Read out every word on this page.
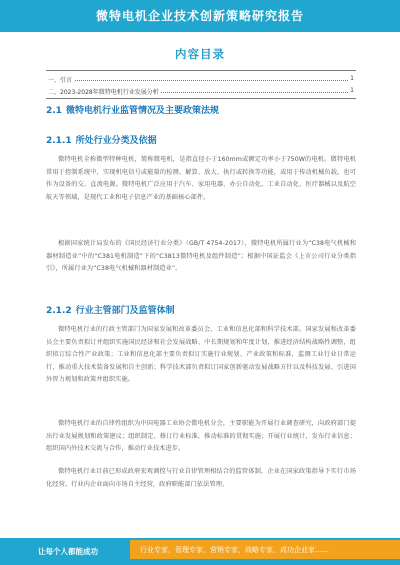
微特电机企业技术创新策略研究报告
内容目录
一、引言	1
二、2023-2028年微特电机行业发展分析	1
2.1 微特电机行业监管情况及主要政策法规
2.1.1 所处行业分类及依据
微特电机全称微型特种电机，简称微电机，是指直径小于160mm或额定功率小于750W的电机。微特电机常用于控制系统中，实现机电信号或能量的检测、解算、放大、执行或转换等功能，或用于传动机械负载，也可作为设备的交、直流电源。微特电机广泛应用于汽车、家用电器、办公自动化、工业自动化、医疗器械以及航空航天等领域，是现代工业和电子信息产业的基础核心部件。
根据国家统计局发布的《国民经济行业分类》（GB/T 4754-2017），微特电机所属行业为“C38电气机械和器材制造业”中的“C381电机制造”下的“C3813微特电机及组件制造”；根据中国证监会《上市公司行业分类指引》，所属行业为“C38电气机械和器材制造业”。
2.1.2 行业主管部门及监管体制
微特电机行业的行政主管部门为国家发展和改革委员会、工业和信息化部和科学技术部。国家发展和改革委员会主要负责拟订并组织实施国民经济和社会发展战略、中长期规划和年度计划，推进经济结构战略性调整，组织拟订综合性产业政策；工业和信息化部主要负责拟订实施行业规划、产业政策和标准，监测工业行业日常运行，推动重大技术装备发展和自主创新；科学技术部负责拟订国家创新驱动发展战略方针以及科技发展、引进国外智力规划和政策并组织实施。
微特电机行业的自律性组织为中国电器工业协会微电机分会，主要职能为开展行业调查研究，向政府部门提出行业发展规划和政策建议；组织制定、修订行业标准，推动标准的贯彻实施；开展行业统计，发布行业信息；组织国内外技术交流与合作，推动行业技术进步。
微特电机行业目前已形成政府宏观调控与行业自律管理相结合的监管体制，企业在国家政策指导下实行市场化经营。行业内企业面向市场自主经营，政府职能部门依法管理。
让每个人都能成功	行业专家，管理专家，营销专家，战略专家，成功企业家……
